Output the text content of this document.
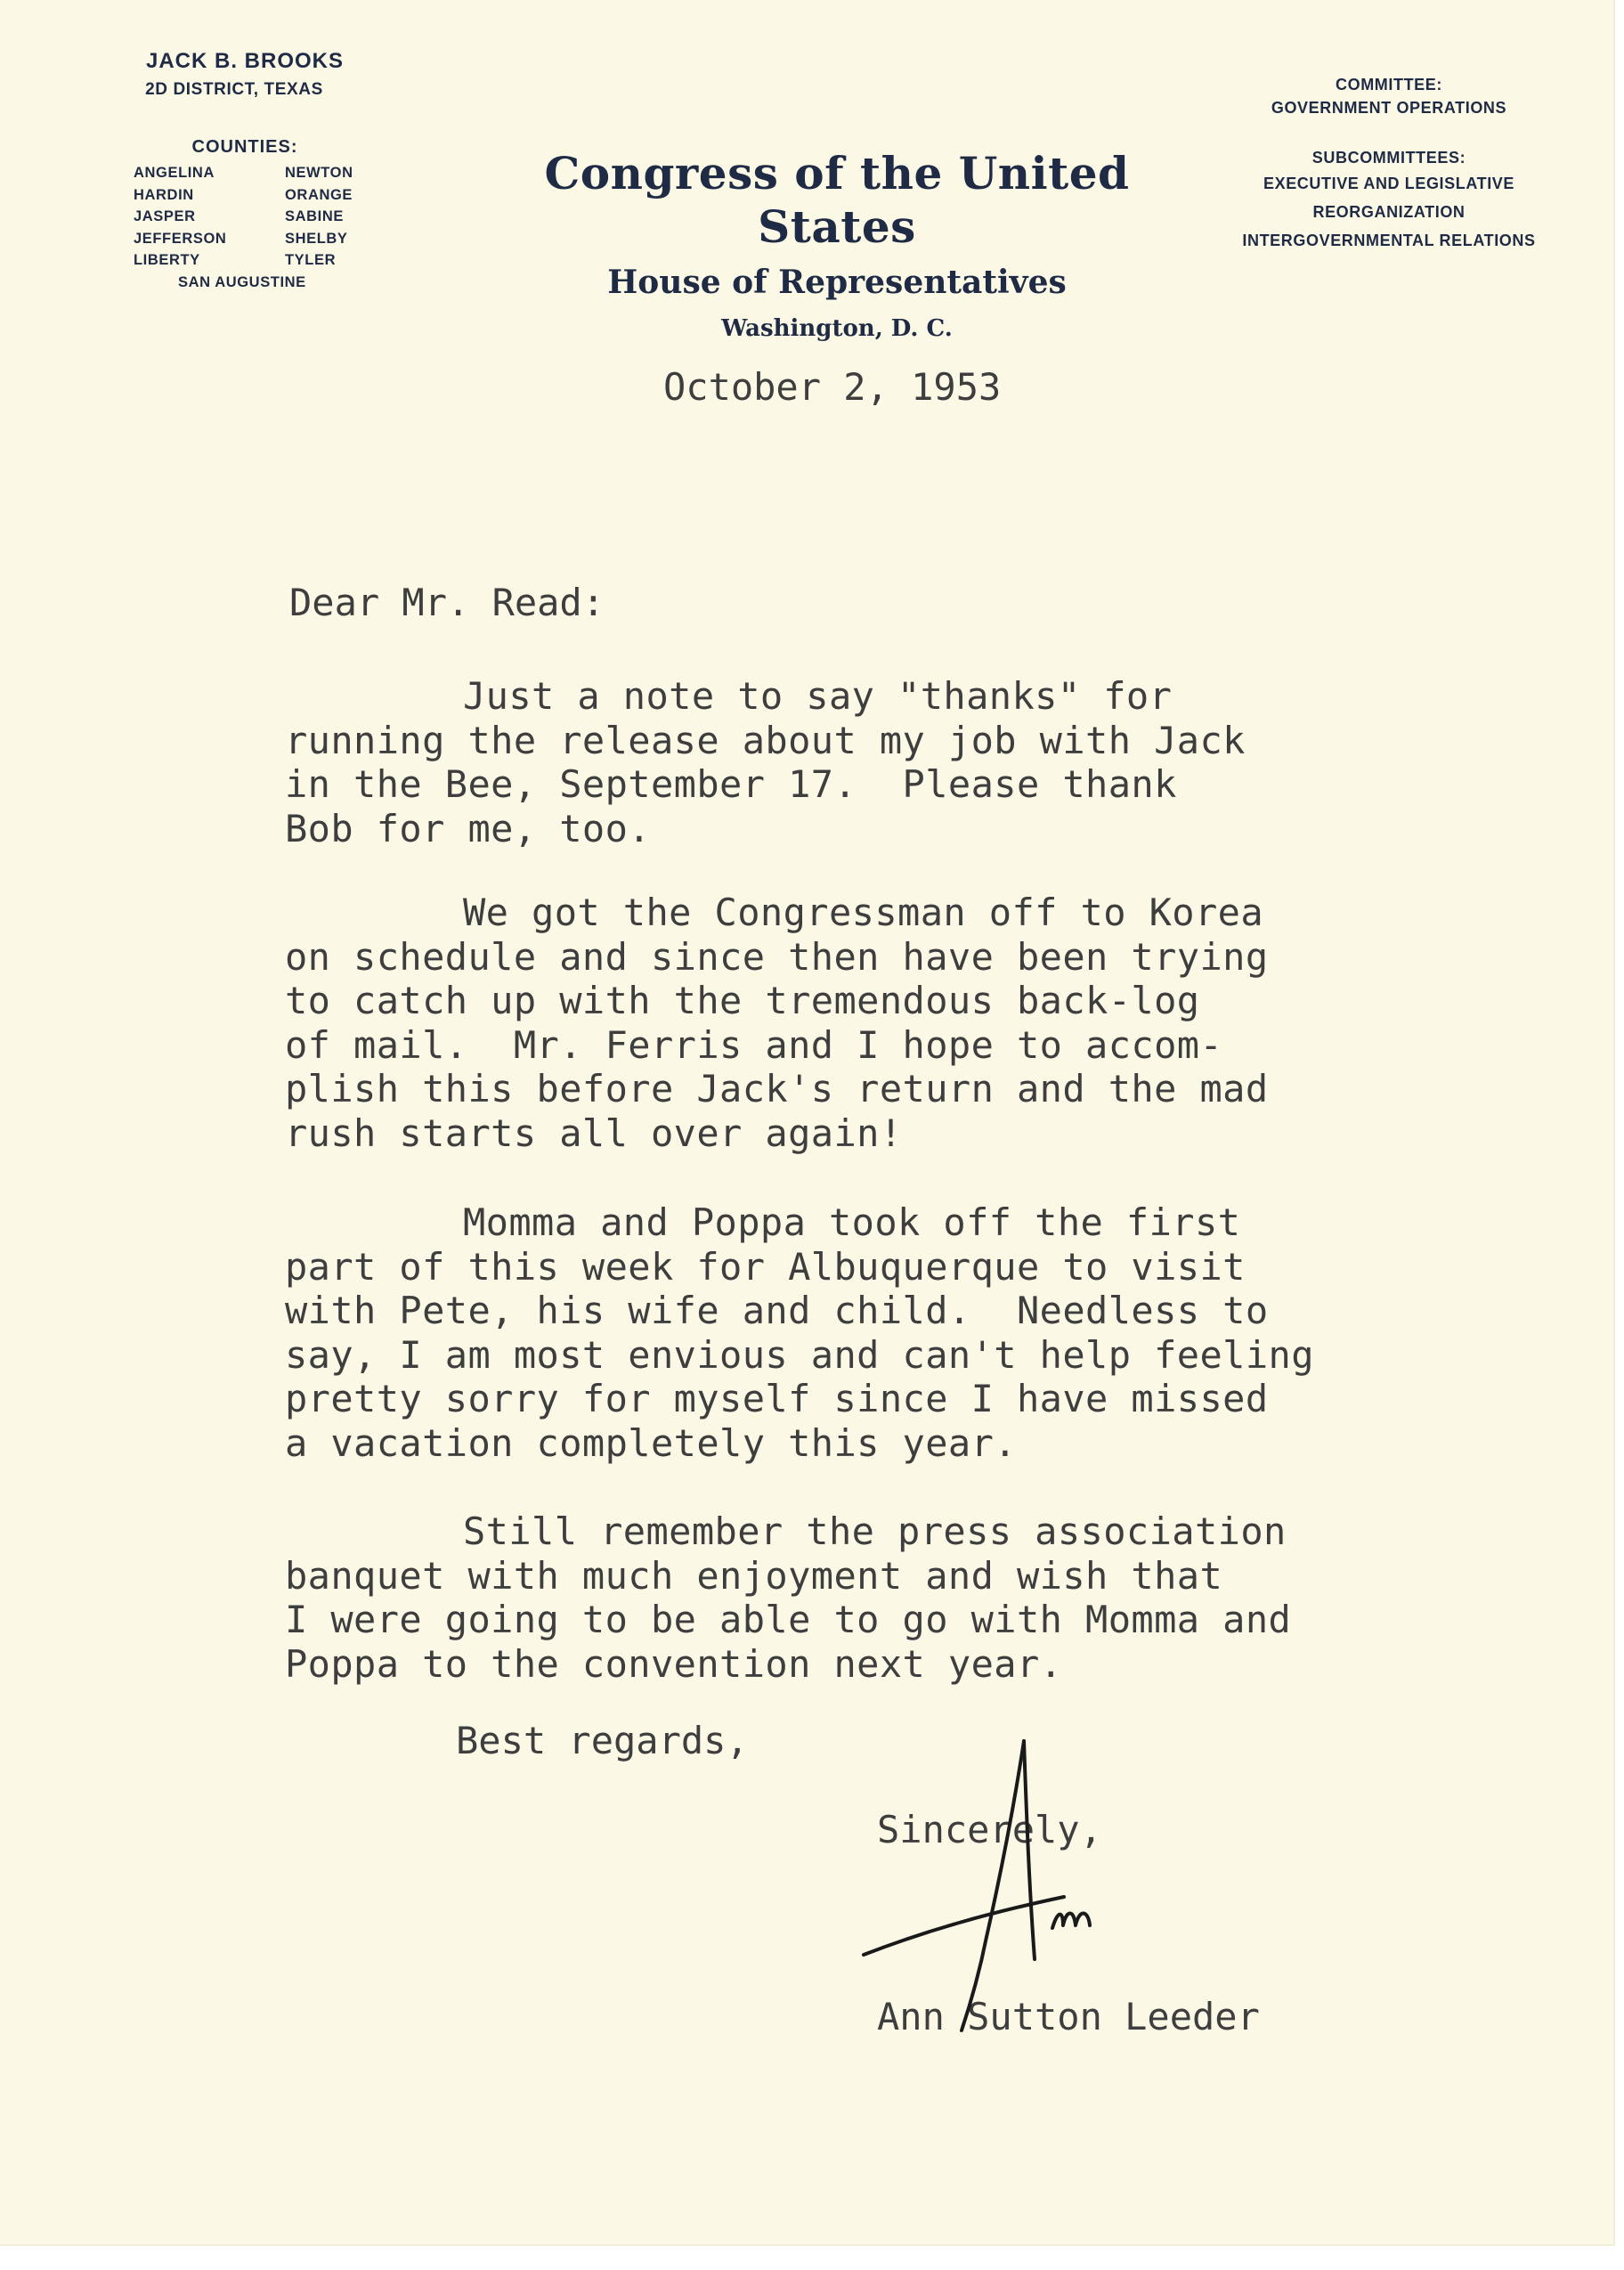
JACK B. BROOKS
2D DISTRICT, TEXAS
COUNTIES:
ANGELINA	NEWTON
HARDIN	ORANGE
JASPER	SABINE
JEFFERSON	SHELBY
LIBERTY	TYLER
SAN AUGUSTINE
Congress of the United States
House of Representatives
Washington, D. C.
COMMITTEE:
GOVERNMENT OPERATIONS
SUBCOMMITTEES:
EXECUTIVE AND LEGISLATIVE
REORGANIZATION
INTERGOVERNMENTAL RELATIONS
October 2, 1953
Dear Mr. Read:
Just a note to say "thanks" for
running the release about my job with Jack
in the Bee, September 17.  Please thank
Bob for me, too.
We got the Congressman off to Korea
on schedule and since then have been trying
to catch up with the tremendous back-log
of mail.  Mr. Ferris and I hope to accom-
plish this before Jack's return and the mad
rush starts all over again!
Momma and Poppa took off the first
part of this week for Albuquerque to visit
with Pete, his wife and child.  Needless to
say, I am most envious and can't help feeling
pretty sorry for myself since I have missed
a vacation completely this year.
Still remember the press association
banquet with much enjoyment and wish that
I were going to be able to go with Momma and
Poppa to the convention next year.
Best regards,
Sincerely,
Ann Sutton Leeder
